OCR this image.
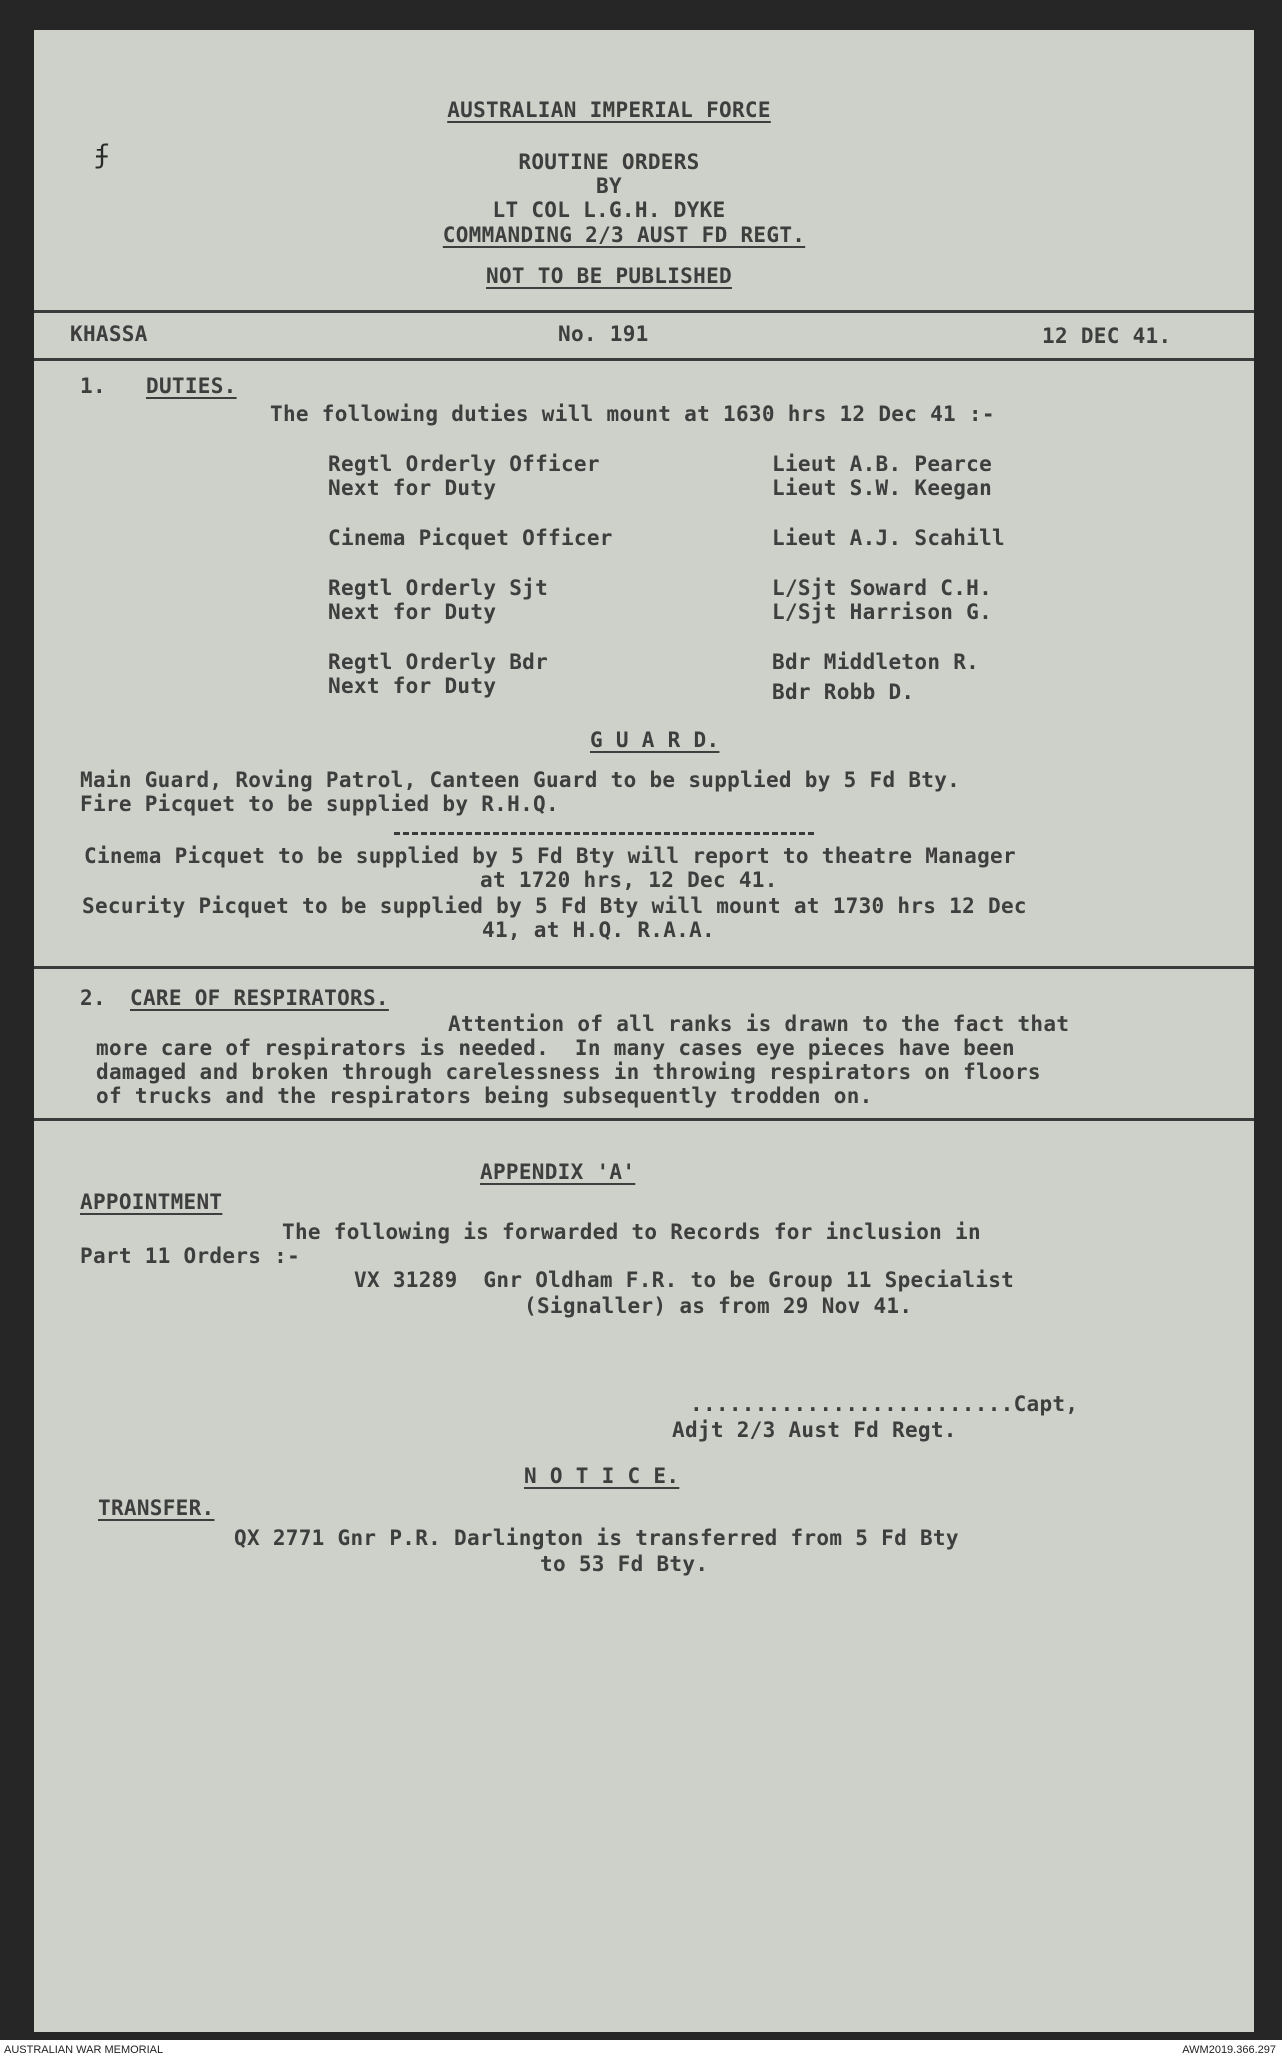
ʄ
AUSTRALIAN IMPERIAL FORCE
ROUTINE ORDERS
BY
LT COL L.G.H. DYKE
COMMANDING 2/3 AUST FD REGT.
NOT TO BE PUBLISHED
KHASSA	No. 191	12 DEC 41.
1. DUTIES.
The following duties will mount at 1630 hrs 12 Dec 41 :-
Regtl Orderly Officer	Lieut A.B. Pearce
Next for Duty	Lieut S.W. Keegan
Cinema Picquet Officer	Lieut A.J. Scahill
Regtl Orderly Sjt	L/Sjt Soward C.H.
Next for Duty	L/Sjt Harrison G.
Regtl Orderly Bdr	Bdr Middleton R.
Next for Duty	Bdr Robb D.
G U A R D.
Main Guard, Roving Patrol, Canteen Guard to be supplied by 5 Fd Bty.
Fire Picquet to be supplied by R.H.Q.
Cinema Picquet to be supplied by 5 Fd Bty will report to theatre Manager
at 1720 hrs, 12 Dec 41.
Security Picquet to be supplied by 5 Fd Bty will mount at 1730 hrs 12 Dec
41, at H.Q. R.A.A.
2. CARE OF RESPIRATORS.
Attention of all ranks is drawn to the fact that
more care of respirators is needed.  In many cases eye pieces have been
damaged and broken through carelessness in throwing respirators on floors
of trucks and the respirators being subsequently trodden on.
APPENDIX 'A'
APPOINTMENT
The following is forwarded to Records for inclusion in
Part 11 Orders :-
VX 31289  Gnr Oldham F.R. to be Group 11 Specialist
(Signaller) as from 29 Nov 41.
.........................Capt,
Adjt 2/3 Aust Fd Regt.
N O T I C E.
TRANSFER.
QX 2771 Gnr P.R. Darlington is transferred from 5 Fd Bty
to 53 Fd Bty.
AUSTRALIAN WAR MEMORIAL	AWM2019.366.297
